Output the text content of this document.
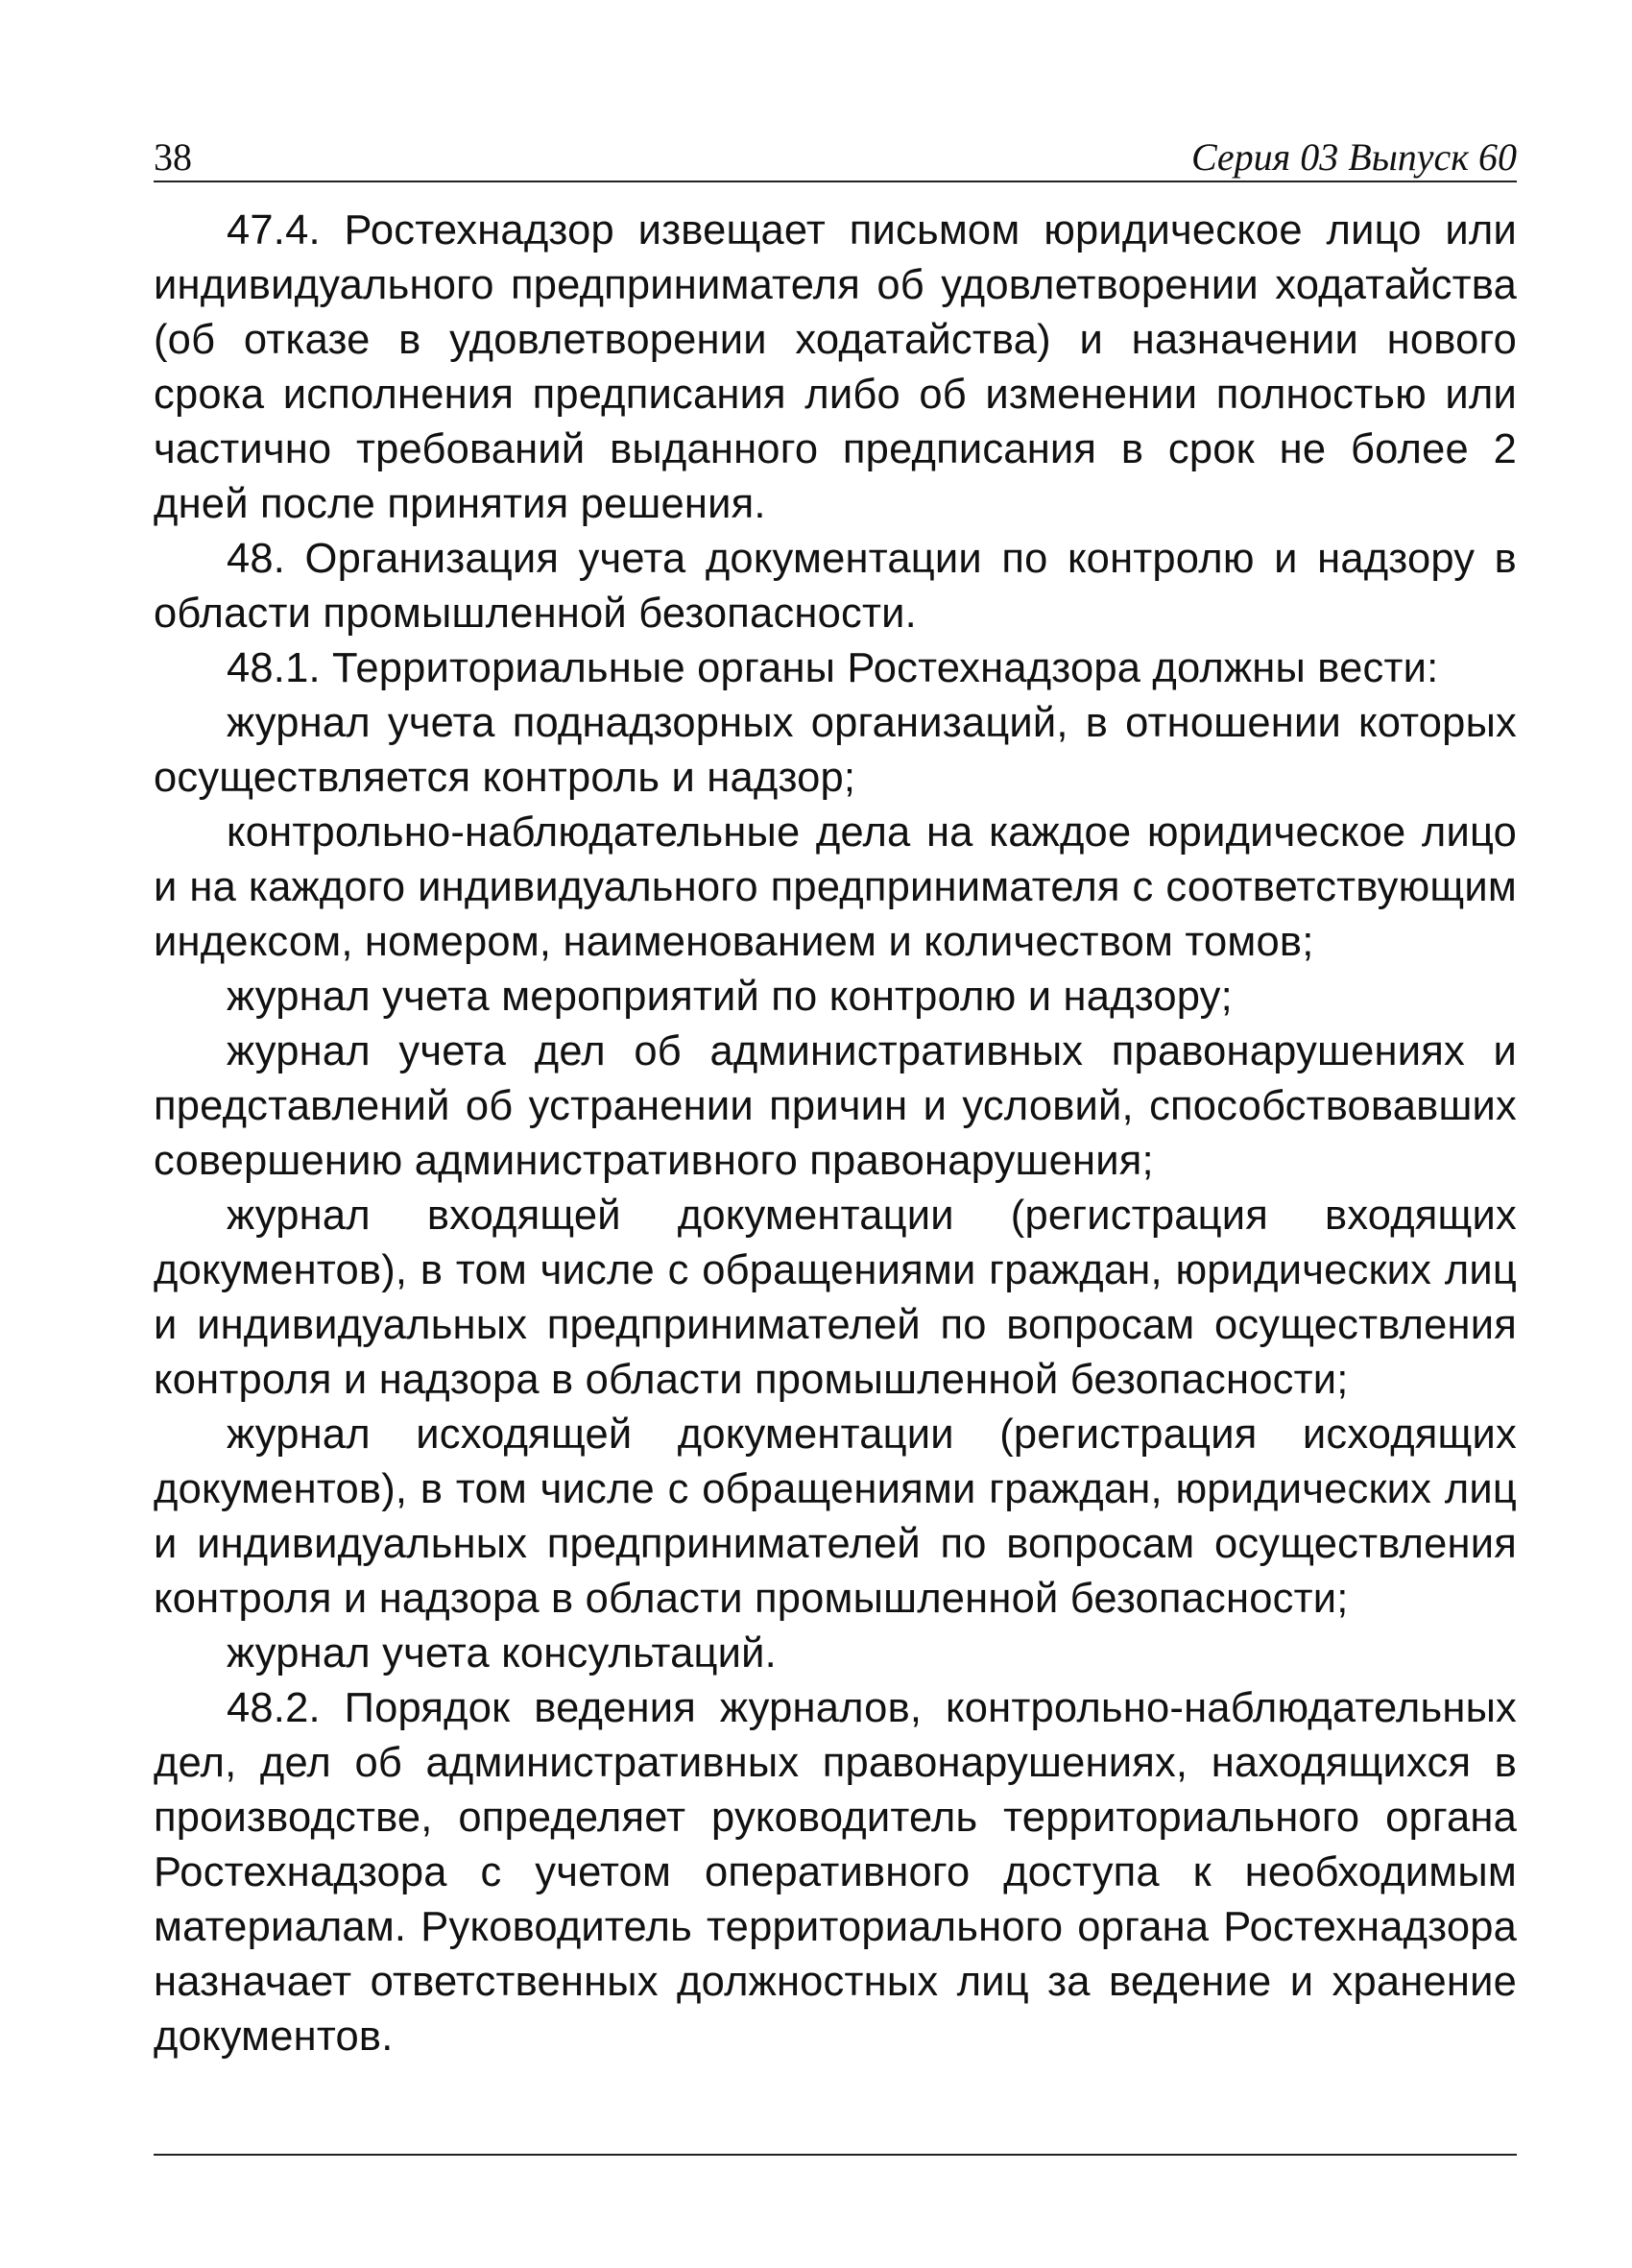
38	Серия 03 Выпуск 60

47.4. Ростехнадзор извещает письмом юридическое лицо или индивидуального предпринимателя об удовлетворении ходатайства (об отказе в удовлетворении ходатайства) и назначении нового срока исполнения предписания либо об изменении полностью или частично требований выданного предписания в срок не более 2 дней после принятия решения.

48. Организация учета документации по контролю и надзору в области промышленной безопасности.

48.1. Территориальные органы Ростехнадзора должны вести:

журнал учета поднадзорных организаций, в отношении которых осуществляется контроль и надзор;

контрольно-наблюдательные дела на каждое юридическое лицо и на каждого индивидуального предпринимателя с соответствующим индексом, номером, наименованием и количеством томов;

журнал учета мероприятий по контролю и надзору;

журнал учета дел об административных правонарушениях и представлений об устранении причин и условий, способствовавших совершению административного правонарушения;

журнал входящей документации (регистрация входящих документов), в том числе с обращениями граждан, юридических лиц и индивидуальных предпринимателей по вопросам осуществления контроля и надзора в области промышленной безопасности;

журнал исходящей документации (регистрация исходящих документов), в том числе с обращениями граждан, юридических лиц и индивидуальных предпринимателей по вопросам осуществления контроля и надзора в области промышленной безопасности;

журнал учета консультаций.

48.2. Порядок ведения журналов, контрольно-наблюдательных дел, дел об административных правонарушениях, находящихся в производстве, определяет руководитель территориального органа Ростехнадзора с учетом оперативного доступа к необходимым материалам. Руководитель территориального органа Ростехнадзора назначает ответственных должностных лиц за ведение и хранение документов.
